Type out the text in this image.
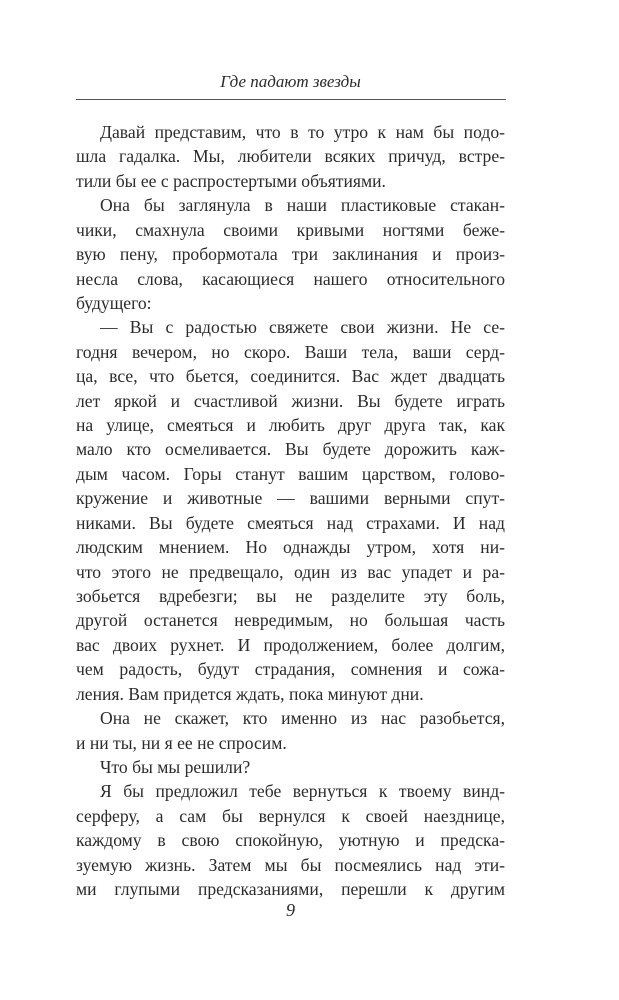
Где падают звезды
Давай представим, что в то утро к нам бы подо-
шла гадалка. Мы, любители всяких причуд, встре-
тили бы ее с распростертыми объятиями.
Она бы заглянула в наши пластиковые стакан-
чики, смахнула своими кривыми ногтями беже-
вую пену, пробормотала три заклинания и произ-
несла слова, касающиеся нашего относительного
будущего:
— Вы с радостью свяжете свои жизни. Не се-
годня вечером, но скоро. Ваши тела, ваши серд-
ца, все, что бьется, соединится. Вас ждет двадцать
лет яркой и счастливой жизни. Вы будете играть
на улице, смеяться и любить друг друга так, как
мало кто осмеливается. Вы будете дорожить каж-
дым часом. Горы станут вашим царством, голово-
кружение и животные — вашими верными спут-
никами. Вы будете смеяться над страхами. И над
людским мнением. Но однажды утром, хотя ни-
что этого не предвещало, один из вас упадет и ра-
зобьется вдребезги; вы не разделите эту боль,
другой останется невредимым, но большая часть
вас двоих рухнет. И продолжением, более долгим,
чем радость, будут страдания, сомнения и сожа-
ления. Вам придется ждать, пока минуют дни.
Она не скажет, кто именно из нас разобьется,
и ни ты, ни я ее не спросим.
Что бы мы решили?
Я бы предложил тебе вернуться к твоему винд-
серферу, а сам бы вернулся к своей наезднице,
каждому в свою спокойную, уютную и предска-
зуемую жизнь. Затем мы бы посмеялись над эти-
ми глупыми предсказаниями, перешли к другим
9
